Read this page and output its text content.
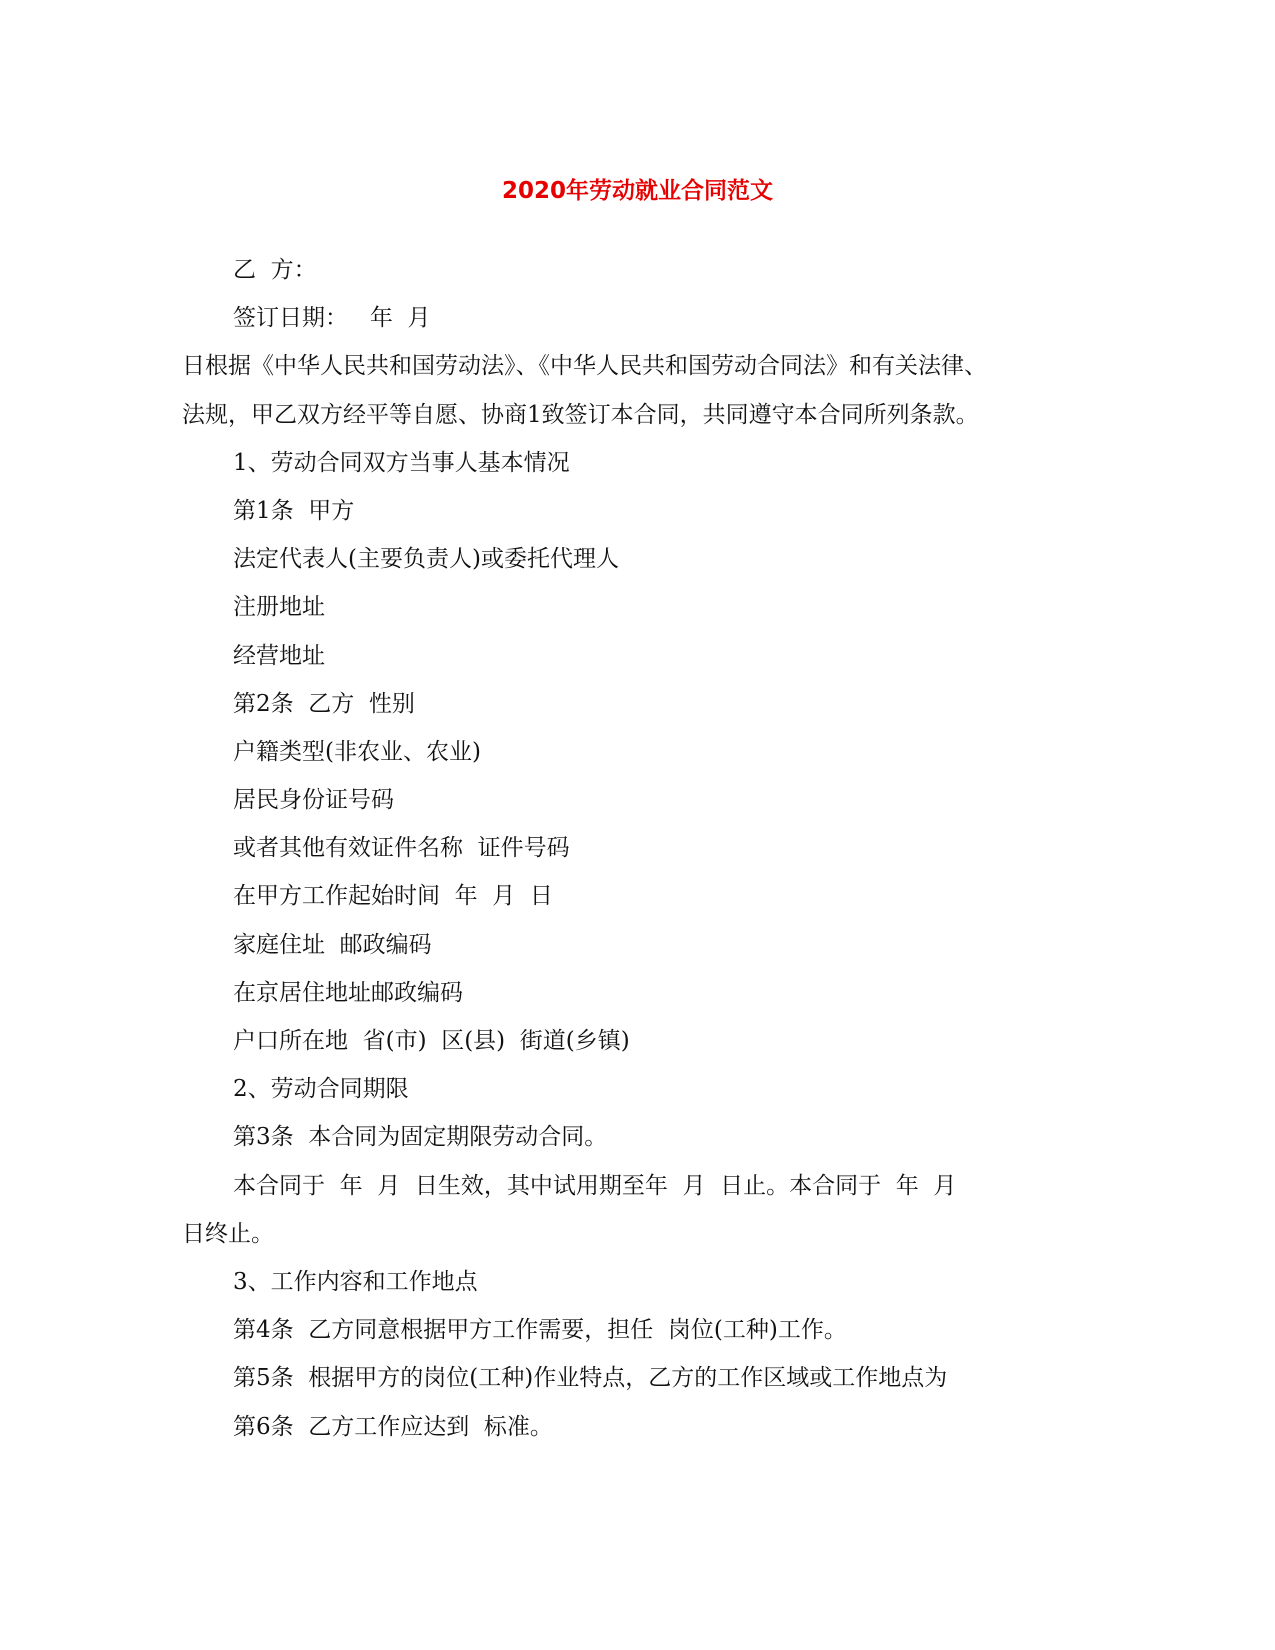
2020年劳动就业合同范文
乙  方：
签订日期：   年  月
日根据《中华人民共和国劳动法》、《中华人民共和国劳动合同法》和有关法律、
法规，甲乙双方经平等自愿、协商1致签订本合同，共同遵守本合同所列条款。
1、劳动合同双方当事人基本情况
第1条  甲方
法定代表人(主要负责人)或委托代理人
注册地址
经营地址
第2条  乙方  性别
户籍类型(非农业、农业)
居民身份证号码
或者其他有效证件名称  证件号码
在甲方工作起始时间  年  月  日
家庭住址  邮政编码
在京居住地址邮政编码
户口所在地  省(市)  区(县)  街道(乡镇)
2、劳动合同期限
第3条  本合同为固定期限劳动合同。
本合同于  年  月  日生效，其中试用期至年  月  日止。本合同于  年  月
日终止。
3、工作内容和工作地点
第4条  乙方同意根据甲方工作需要，担任  岗位(工种)工作。
第5条  根据甲方的岗位(工种)作业特点，乙方的工作区域或工作地点为
第6条  乙方工作应达到  标准。
